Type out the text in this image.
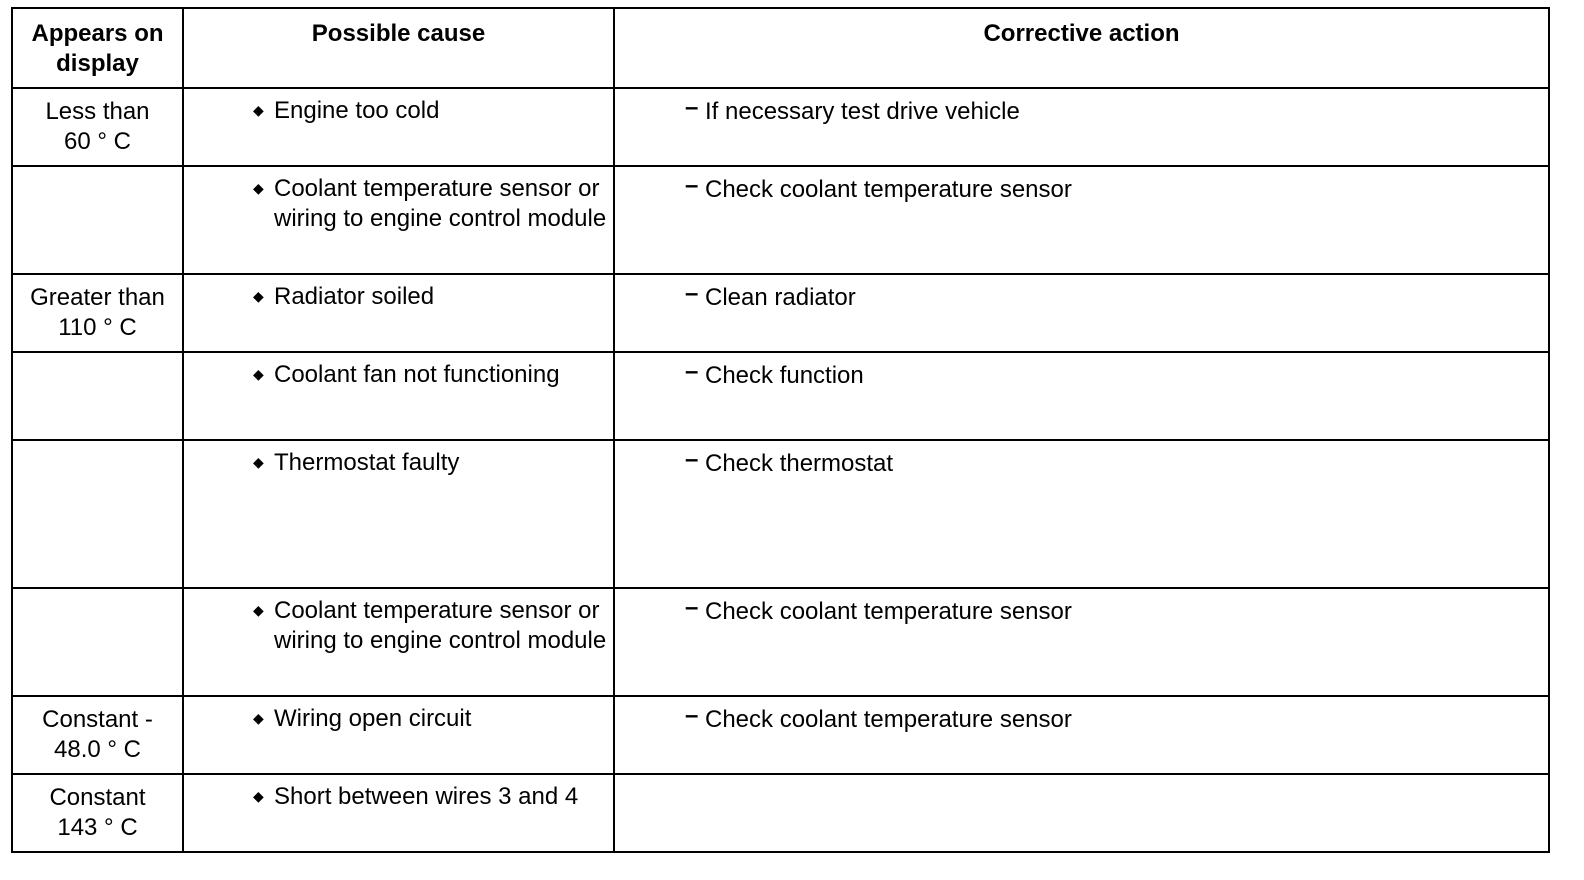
Appears on display	Possible cause	Corrective action
Less than 60 ° C	◆ Engine too cold	– If necessary test drive vehicle

	◆ Coolant temperature sensor or wiring to engine control module	– Check coolant temperature sensor

Greater than 110 ° C	◆ Radiator soiled	– Clean radiator

	◆ Coolant fan not functioning	– Check function

	◆ Thermostat faulty	– Check thermostat

	◆ Coolant temperature sensor or wiring to engine control module	– Check coolant temperature sensor

Constant - 48.0 ° C	◆ Wiring open circuit	– Check coolant temperature sensor

Constant 143 ° C	◆ Short between wires 3 and 4	
